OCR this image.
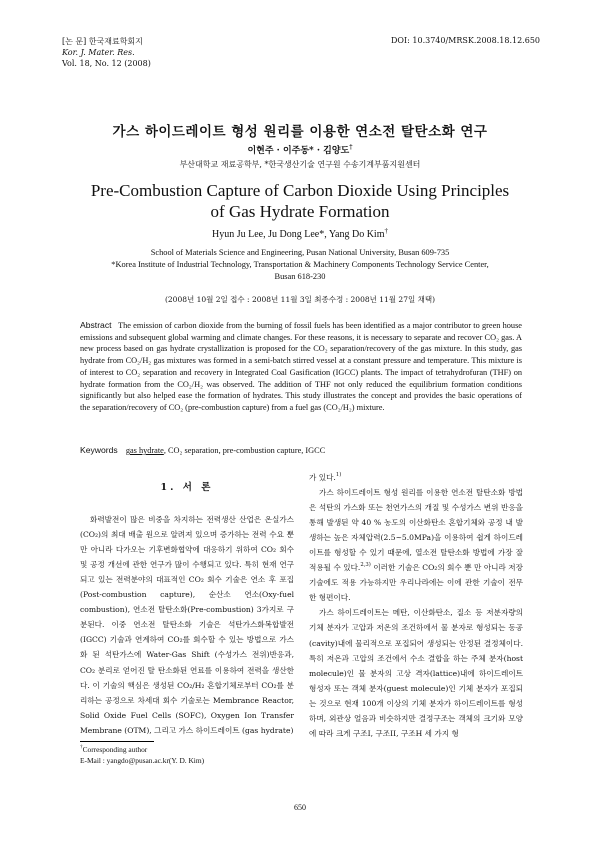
[논 문] 한국재료학회지
Kor. J. Mater. Res.
Vol. 18, No. 12 (2008)
DOI: 10.3740/MRSK.2008.18.12.650
가스 하이드레이트 형성 원리를 이용한 연소전 탈탄소화 연구
이현주 · 이주동* · 김양도†
부산대학교 재료공학부, *한국생산기술 연구원 수송기계부품지원센터
Pre-Combustion Capture of Carbon Dioxide Using Principles
of Gas Hydrate Formation
Hyun Ju Lee, Ju Dong Lee*, Yang Do Kim†
School of Materials Science and Engineering, Pusan National University, Busan 609-735
*Korea Institute of Industrial Technology, Transportation & Machinery Components Technology Service Center,
Busan 618-230
(2008년 10월 2일 접수 : 2008년 11월 3일 최종수정 : 2008년 11월 27일 채택)
Abstract The emission of carbon dioxide from the burning of fossil fuels has been identified as a major contributor to green house emissions and subsequent global warming and climate changes. For these reasons, it is necessary to separate and recover CO₂ gas. A new process based on gas hydrate crystallization is proposed for the CO₂ separation/recovery of the gas mixture. In this study, gas hydrate from CO₂/H₂ gas mixtures was formed in a semi-batch stirred vessel at a constant pressure and temperature. This mixture is of interest to CO₂ separation and recovery in Integrated Coal Gasification (IGCC) plants. The impact of tetrahydrofuran (THF) on hydrate formation from the CO₂/H₂ was observed. The addition of THF not only reduced the equilibrium formation conditions significantly but also helped ease the formation of hydrates. This study illustrates the concept and provides the basic operations of the separation/recovery of CO₂ (pre-combustion capture) from a fuel gas (CO₂/H₂) mixture.
Keywords gas hydrate, CO₂ separation, pre-combustion capture, IGCC
1. 서 론

화력발전이 많은 비중을 차지하는 전력생산 산업은 온실가스(CO₂)의 최대 배출 원으로 알려져 있으며 증가하는 전력 수요 뿐 만 아니라 다가오는 기후변화협약에 대응하기 위하여 CO₂ 회수 및 공정 개선에 관한 연구가 많이 수행되고 있다. 특히 현재 연구되고 있는 전력분야의 대표적인 CO₂ 회수 기술은 연소 후 포집(Post-combustion capture), 순산소 연소(Oxy-fuel combustion), 연소전 탈탄소화(Pre-combustion) 3가지로 구분된다. 이중 연소전 탈탄소화 기술은 석탄가스화복합발전(IGCC) 기술과 연계하여 CO₂를 회수할 수 있는 방법으로 가스화 된 석탄가스에 Water-Gas Shift (수성가스 전위)반응과, CO₂ 분리로 얻어진 탈 탄소화된 연료를 이용하여 전력을 생산한다. 이 기술의 핵심은 생성된 CO₂/H₂ 혼합기체로부터 CO₂를 분리하는 공정으로 차세대 회수 기술로는 Membrance Reactor, Solid Oxide Fuel Cells (SOFC), Oxygen Ion Transfer Membrane (OTM), 그리고 가스 하이드레이트 (gas hydrate)

가 있다.$^{1)}$

가스 하이드레이트 형성 원리를 이용한 연소전 탈탄소화 방법은 석탄의 가스화 또는 천연가스의 개질 및 수성가스 변위 반응을 통해 발생된 약 40 % 농도의 이산화탄소 혼합기체와 공정 내 발생하는 높은 자체압력(2.5~5.0MPa)을 이용하여 쉽게 하이드레이트를 형성할 수 있기 때문에, 열소전 탈탄소화 방법에 가장 잘 적용될 수 있다.$^{2,3)}$ 이러한 기술은 CO₂의 회수 뿐 만 아니라 저장 기술에도 적용 가능하지만 우리나라에는 이에 관한 기술이 전무한 형편이다.

가스 하이드레이트는 메탄, 이산화탄소, 질소 등 저분자량의 기체 분자가 고압과 저온의 조건하에서 물 분자로 형성되는 동공(cavity)내에 물리적으로 포집되어 생성되는 안정된 결정체이다. 특히 저온과 고압의 조건에서 수소 결합을 하는 주체 분자(host molecule)인 물 분자의 고상 격자(lattice)내에 하이드레이트 형성자 또는 객체 분자(guest molecule)인 기체 분자가 포집되는 것으로 현재 100개 이상의 기체 분자가 하이드레이트를 형성하며, 외관상 얼음과 비슷하지만 결정구조는 객체의 크기와 모양에 따라 크게 구조I, 구조II, 구조H 세 가지 형

†Corresponding author
E-Mail : yangdo@pusan.ac.kr(Y. D. Kim)
650
